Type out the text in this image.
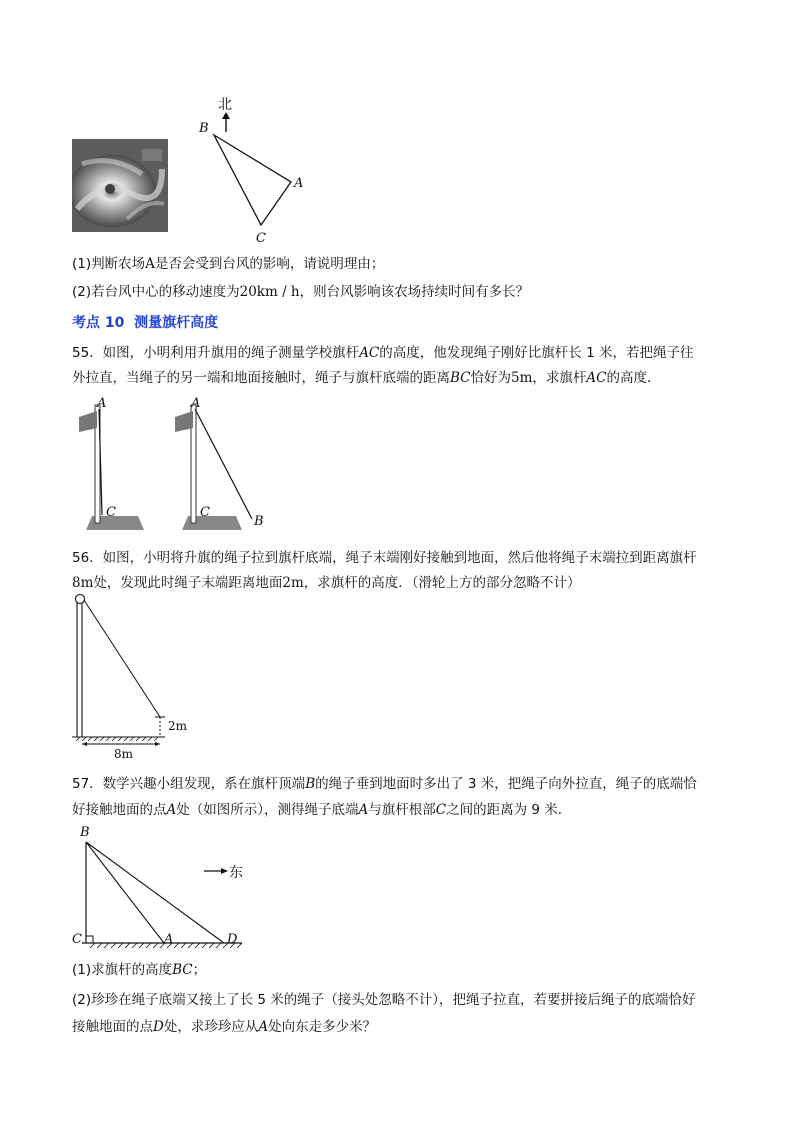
北
B
A
C
(1)判断农场A是否会受到台风的影响，请说明理由；
(2)若台风中心的移动速度为20km / h，则台风影响该农场持续时间有多长？
考点 10  测量旗杆高度
55．如图，小明利用升旗用的绳子测量学校旗杆AC的高度，他发现绳子刚好比旗杆长 1 米，若把绳子往
外拉直，当绳子的另一端和地面接触时，绳子与旗杆底端的距离BC恰好为5m，求旗杆AC的高度．
A
C
A
C
B
56．如图，小明将升旗的绳子拉到旗杆底端，绳子末端刚好接触到地面，然后他将绳子末端拉到距离旗杆
8m处，发现此时绳子末端距离地面2m，求旗杆的高度．（滑轮上方的部分忽略不计）
2m
8m
57．数学兴趣小组发现，系在旗杆顶端B的绳子垂到地面时多出了 3 米，把绳子向外拉直，绳子的底端恰
好接触地面的点A处（如图所示），测得绳子底端A与旗杆根部C之间的距离为 9 米．
B
C	A	D
东
(1)求旗杆的高度BC；
(2)珍珍在绳子底端又接上了长 5 米的绳子（接头处忽略不计），把绳子拉直，若要拼接后绳子的底端恰好
接触地面的点D处，求珍珍应从A处向东走多少米？
